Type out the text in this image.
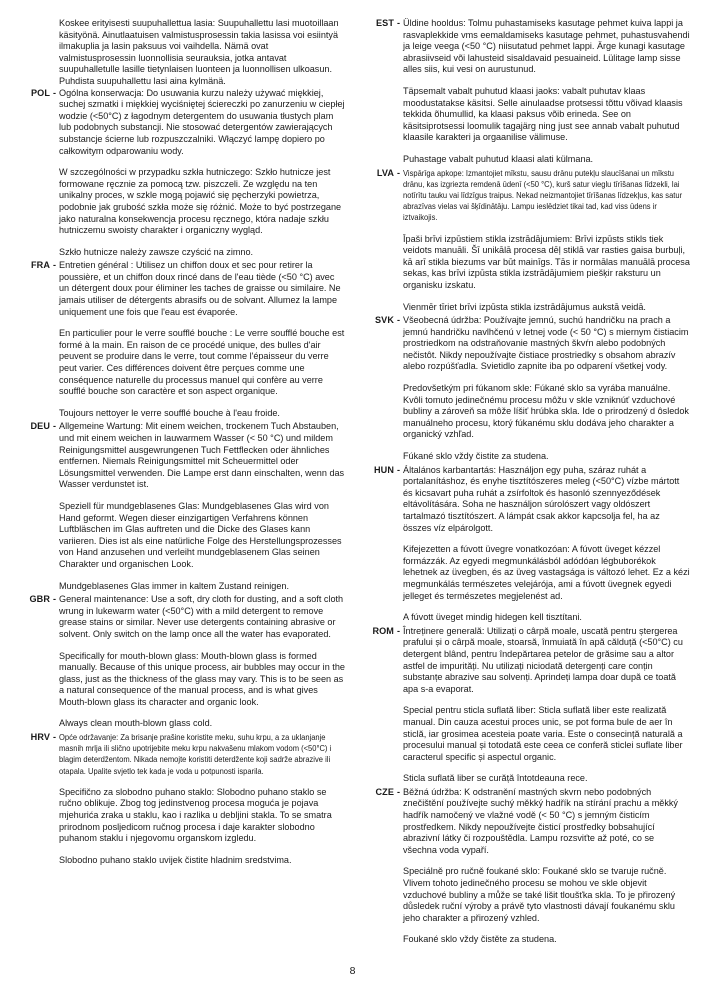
Koskee erityisesti suupuhallettua lasia: Suupuhallettu lasi muotoillaan käsityönä. Ainutlaatuisen valmistusprosessin takia lasissa voi esiintyä ilmakuplia ja lasin paksuus voi vaihdella. Nämä ovat valmistusprosessin luonnollisia seurauksia, jotka antavat suupuhalletulle lasille tietynlaisen luonteen ja luonnollisen ulkoasun. Puhdista suupuhallettu lasi aina kylmänä.

POL - Ogólna konserwacja: Do usuwania kurzu należy używać miękkiej, suchej szmatki i miękkiej wyciśniętej ściereczki po zanurzeniu w ciepłej wodzie (<50°C) z łagodnym detergentem do usuwania tłustych plam lub podobnych substancji. Nie stosować detergentów zawierających substancje ścierne lub rozpuszczalniki. Włączyć lampę dopiero po całkowitym odparowaniu wody.

W szczególności w przypadku szkła hutniczego: Szkło hutnicze jest formowane ręcznie za pomocą tzw. piszczeli. Ze względu na ten unikalny proces, w szkle mogą pojawić się pęcherzyki powietrza, podobnie jak grubość szkła może się różnić. Może to być postrzegane jako naturalna konsekwencja procesu ręcznego, która nadaje szkłu hutniczemu swoisty charakter i organiczny wygląd.

Szkło hutnicze należy zawsze czyścić na zimno.

FRA - Entretien général : Utilisez un chiffon doux et sec pour retirer la poussière, et un chiffon doux rincé dans de l'eau tiède (<50 °C) avec un détergent doux pour éliminer les taches de graisse ou similaire. Ne jamais utiliser de détergents abrasifs ou de solvant. Allumez la lampe uniquement une fois que l'eau est évaporée.

En particulier pour le verre soufflé bouche : Le verre soufflé bouche est formé à la main. En raison de ce procédé unique, des bulles d'air peuvent se produire dans le verre, tout comme l'épaisseur du verre peut varier. Ces différences doivent être perçues comme une conséquence naturelle du processus manuel qui confère au verre soufflé bouche son caractère et son aspect organique.

Toujours nettoyer le verre soufflé bouche à l'eau froide.

DEU - Allgemeine Wartung: Mit einem weichen, trockenem Tuch Abstauben, und mit einem weichen in lauwarmem Wasser (< 50 °C) und mildem Reinigungsmittel ausgewrungenen Tuch Fettflecken oder ähnliches entfernen. Niemals Reinigungsmittel mit Scheuermittel oder Lösungsmittel verwenden. Die Lampe erst dann einschalten, wenn das Wasser verdunstet ist.

Speziell für mundgeblasenes Glas: Mundgeblasenes Glas wird von Hand geformt. Wegen dieser einzigartigen Verfahrens können Luftbläschen im Glas auftreten und die Dicke des Glases kann variieren. Dies ist als eine natürliche Folge des Herstellungsprozesses von Hand anzusehen und verleiht mundgeblasenem Glas seinen Charakter und organischen Look.

Mundgeblasenes Glas immer in kaltem Zustand reinigen.

GBR - General maintenance: Use a soft, dry cloth for dusting, and a soft cloth wrung in lukewarm water (<50°C) with a mild detergent to remove grease stains or similar. Never use detergents containing abrasive or solvent. Only switch on the lamp once all the water has evaporated.

Specifically for mouth-blown glass: Mouth-blown glass is formed manually. Because of this unique process, air bubbles may occur in the glass, just as the thickness of the glass may vary. This is to be seen as a natural consequence of the manual process, and is what gives Mouth-blown glass its character and organic look.

Always clean mouth-blown glass cold.

HRV - Opće održavanje: Za brisanje prašine koristite meku, suhu krpu, a za uklanjanje masnih mrlja ili slično upotrijebite meku krpu nakvašenu mlakom vodom (<50°C) i blagim deterdžentom. Nikada nemojte koristiti deterdžente koji sadrže abrazive ili otapala. Upalite svjetlo tek kada je voda u potpunosti isparila.

Specifično za slobodno puhano staklo: Slobodno puhano staklo se ručno oblikuje. Zbog tog jedinstvenog procesa moguća je pojava mjehurića zraka u staklu, kao i razlika u debljini stakla. To se smatra prirodnom posljedicom ručnog procesa i daje karakter slobodno puhanom staklu i njegovomu organskom izgledu.

Slobodno puhano staklo uvijek čistite hladnim sredstvima.

EST - Üldine hooldus: Tolmu puhastamiseks kasutage pehmet kuiva lappi ja rasvaplekkide vms eemaldamiseks kasutage pehmet, puhastusvahendi ja leige veega (<50 °C) niisutatud pehmet lappi. Ärge kunagi kasutage abrasiivseid või lahusteid sisaldavaid pesuaineid. Lülitage lamp sisse alles siis, kui vesi on aurustunud.

Täpsemalt vabalt puhutud klaasi jaoks: vabalt puhutav klaas moodustatakse käsitsi. Selle ainulaadse protsessi tõttu võivad klaasis tekkida õhumullid, ka klaasi paksus võib erineda. See on käsitsiprotsessi loomulik tagajärg ning just see annab vabalt puhutud klaasile karakteri ja orgaanilise välimuse.

Puhastage vabalt puhutud klaasi alati külmana.

LVA - Vispārīga apkope: Izmantojiet mīkstu, sausu drānu putekļu slaucīšanai un mīkstu drānu, kas izgriezta remdenā ūdenī (<50 °C), kurš satur vieglu tīrīšanas līdzekli, lai notīrītu tauku vai līdzīgus traipus. Nekad neizmantojiet tīrīšanas līdzekļus, kas satur abrazīvas vielas vai šķīdinātāju. Lampu ieslēdziet tikai tad, kad viss ūdens ir iztvaikojis.

Īpaši brīvi izpūstiem stikla izstrādājumiem: Brīvi izpūsts stikls tiek veidots manuāli. Šī unikālā procesa dēļ stiklā var rasties gaisa burbuļi, kā arī stikla biezums var būt mainīgs. Tās ir normālas manuālā procesa sekas, kas brīvi izpūsta stikla izstrādājumiem piešķir raksturu un organisku izskatu.

Vienmēr tīriet brīvi izpūsta stikla izstrādājumus aukstā veidā.

SVK - Všeobecná údržba: Používajte jemnú, suchú handričku na prach a jemnú handričku navlhčenú v letnej vode (< 50 °C) s miernym čistiacim prostriedkom na odstraňovanie mastných škvŕn alebo podobných nečistôt. Nikdy nepoužívajte čistiace prostriedky s obsahom abrazív alebo rozpúšťadla. Svietidlo zapnite iba po odparení všetkej vody.

Predovšetkým pri fúkanom skle: Fúkané sklo sa vyrába manuálne. Kvôli tomuto jedinečnému procesu môžu v skle vzniknúť vzduchové bubliny a zároveň sa môže líšiť hrúbka skla. Ide o prirodzený d ôsledok manuálneho procesu, ktorý fúkanému sklu dodáva jeho charakter a organický vzhľad.

Fúkané sklo vždy čistite za studena.

HUN - Általános karbantartás: Használjon egy puha, száraz ruhát a portalanításhoz, és enyhe tisztítószeres meleg (<50°C) vízbe mártott és kicsavart puha ruhát a zsírfoltok és hasonló szennyeződések eltávolítására. Soha ne használjon súrolószert vagy oldószert tartalmazó tisztítószert. A lámpát csak akkor kapcsolja fel, ha az összes víz elpárolgott.

Kifejezetten a fúvott üvegre vonatkozóan: A fúvott üveget kézzel formázzák. Az egyedi megmunkálásból adódóan légbuborékok lehetnek az üvegben, és az üveg vastagsága is változó lehet. Ez a kézi megmunkálás természetes velejárója, ami a fúvott üvegnek egyedi jelleget és természetes megjelenést ad.

A fúvott üveget mindig hidegen kell tisztítani.

ROM - Întreținere generală: Utilizați o cârpă moale, uscată pentru ștergerea prafului și o cârpă moale, stoarsă, înmuiată în apă călduță (<50°C) cu detergent blând, pentru îndepărtarea petelor de grăsime sau a altor astfel de impurități. Nu utilizați niciodată detergenți care conțin substanțe abrazive sau solvenți. Aprindeți lampa doar după ce toată apa s-a evaporat.

Special pentru sticla suflată liber: Sticla suflată liber este realizată manual. Din cauza acestui proces unic, se pot forma bule de aer în sticlă, iar grosimea acesteia poate varia. Este o consecință naturală a procesului manual și totodată este ceea ce conferă sticlei suflate liber caracterul specific și aspectul organic.

Sticla suflată liber se curăță întotdeauna rece.

CZE - Běžná údržba: K odstranění mastných skvrn nebo podobných znečištění používejte suchý měkký hadřík na stírání prachu a měkký hadřík namočený ve vlažné vodě (< 50 °C) s jemným čisticím prostředkem. Nikdy nepoužívejte čisticí prostředky bobsahující abrazivní látky či rozpouštědla. Lampu rozsviťte až poté, co se všechna voda vypaří.

Speciálně pro ručně foukané sklo: Foukané sklo se tvaruje ručně. Vlivem tohoto jedinečného procesu se mohou ve skle objevit vzduchové bubliny a může se také lišit tloušťka skla. To je přirozený důsledek ruční výroby a právě tyto vlastnosti dávají foukanému sklu jeho charakter a přirozený vzhled.

Foukané sklo vždy čistěte za studena.

8
